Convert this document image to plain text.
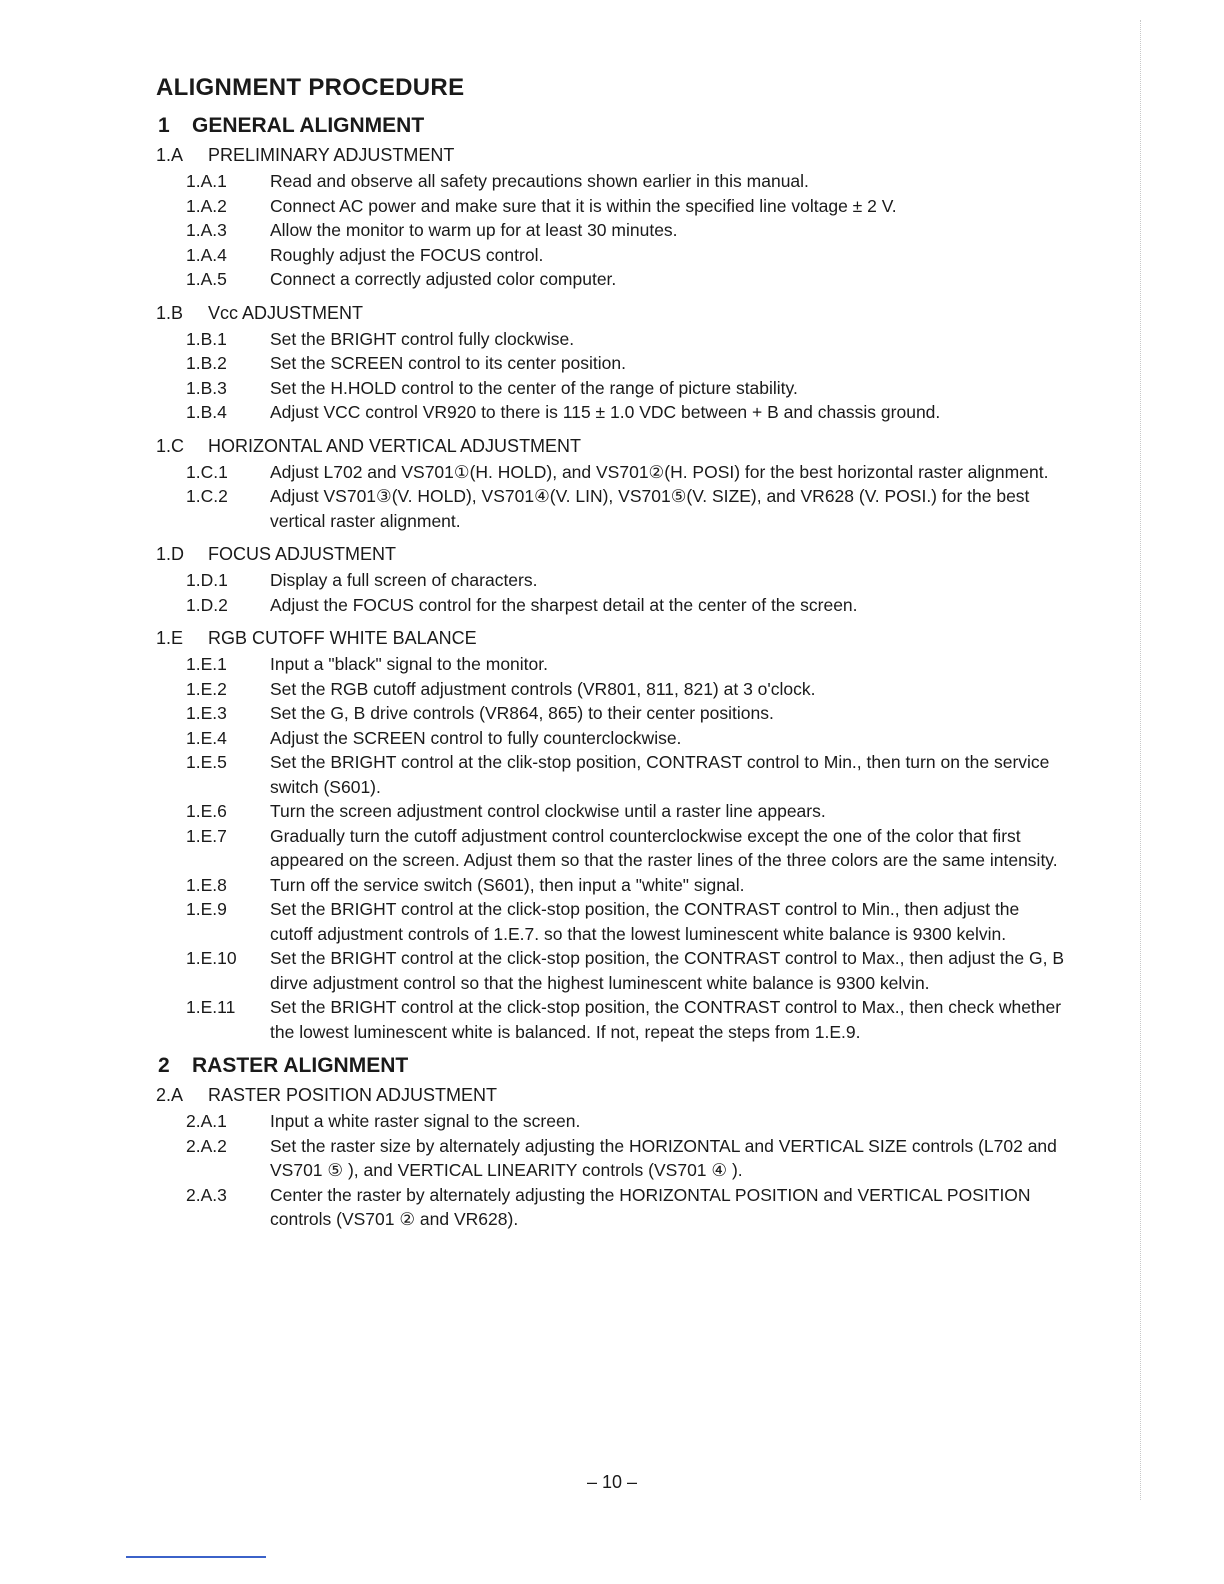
ALIGNMENT PROCEDURE
1	GENERAL ALIGNMENT
1.A	PRELIMINARY ADJUSTMENT
1.A.1	Read and observe all safety precautions shown earlier in this manual.
1.A.2	Connect AC power and make sure that it is within the specified line voltage ± 2 V.
1.A.3	Allow the monitor to warm up for at least 30 minutes.
1.A.4	Roughly adjust the FOCUS control.
1.A.5	Connect a correctly adjusted color computer.
1.B	Vcc ADJUSTMENT
1.B.1	Set the BRIGHT control fully clockwise.
1.B.2	Set the SCREEN control to its center position.
1.B.3	Set the H.HOLD control to the center of the range of picture stability.
1.B.4	Adjust VCC control VR920 to there is 115 ± 1.0 VDC between + B and chassis ground.
1.C	HORIZONTAL AND VERTICAL ADJUSTMENT
1.C.1	Adjust L702 and VS701①(H. HOLD), and VS701②(H. POSI) for the best horizontal raster alignment.
1.C.2	Adjust VS701③(V. HOLD), VS701④(V. LIN), VS701⑤(V. SIZE), and VR628 (V. POSI.) for the best vertical raster alignment.
1.D	FOCUS ADJUSTMENT
1.D.1	Display a full screen of characters.
1.D.2	Adjust the FOCUS control for the sharpest detail at the center of the screen.
1.E	RGB CUTOFF WHITE BALANCE
1.E.1	Input a "black" signal to the monitor.
1.E.2	Set the RGB cutoff adjustment controls (VR801, 811, 821) at 3 o'clock.
1.E.3	Set the G, B drive controls (VR864, 865) to their center positions.
1.E.4	Adjust the SCREEN control to fully counterclockwise.
1.E.5	Set the BRIGHT control at the clik-stop position, CONTRAST control to Min., then turn on the service switch (S601).
1.E.6	Turn the screen adjustment control clockwise until a raster line appears.
1.E.7	Gradually turn the cutoff adjustment control counterclockwise except the one of the color that first appeared on the screen. Adjust them so that the raster lines of the three colors are the same intensity.
1.E.8	Turn off the service switch (S601), then input a "white" signal.
1.E.9	Set the BRIGHT control at the click-stop position, the CONTRAST control to Min., then adjust the cutoff adjustment controls of 1.E.7. so that the lowest luminescent white balance is 9300 kelvin.
1.E.10	Set the BRIGHT control at the click-stop position, the CONTRAST control to Max., then adjust the G, B dirve adjustment control so that the highest luminescent white balance is 9300 kelvin.
1.E.11	Set the BRIGHT control at the click-stop position, the CONTRAST control to Max., then check whether the lowest luminescent white is balanced. If not, repeat the steps from 1.E.9.
2	RASTER ALIGNMENT
2.A	RASTER POSITION ADJUSTMENT
2.A.1	Input a white raster signal to the screen.
2.A.2	Set the raster size by alternately adjusting the HORIZONTAL and VERTICAL SIZE controls (L702 and VS701 ⑤ ), and VERTICAL LINEARITY controls (VS701 ④ ).
2.A.3	Center the raster by alternately adjusting the HORIZONTAL POSITION and VERTICAL POSITION controls (VS701 ② and VR628).
– 10 –
